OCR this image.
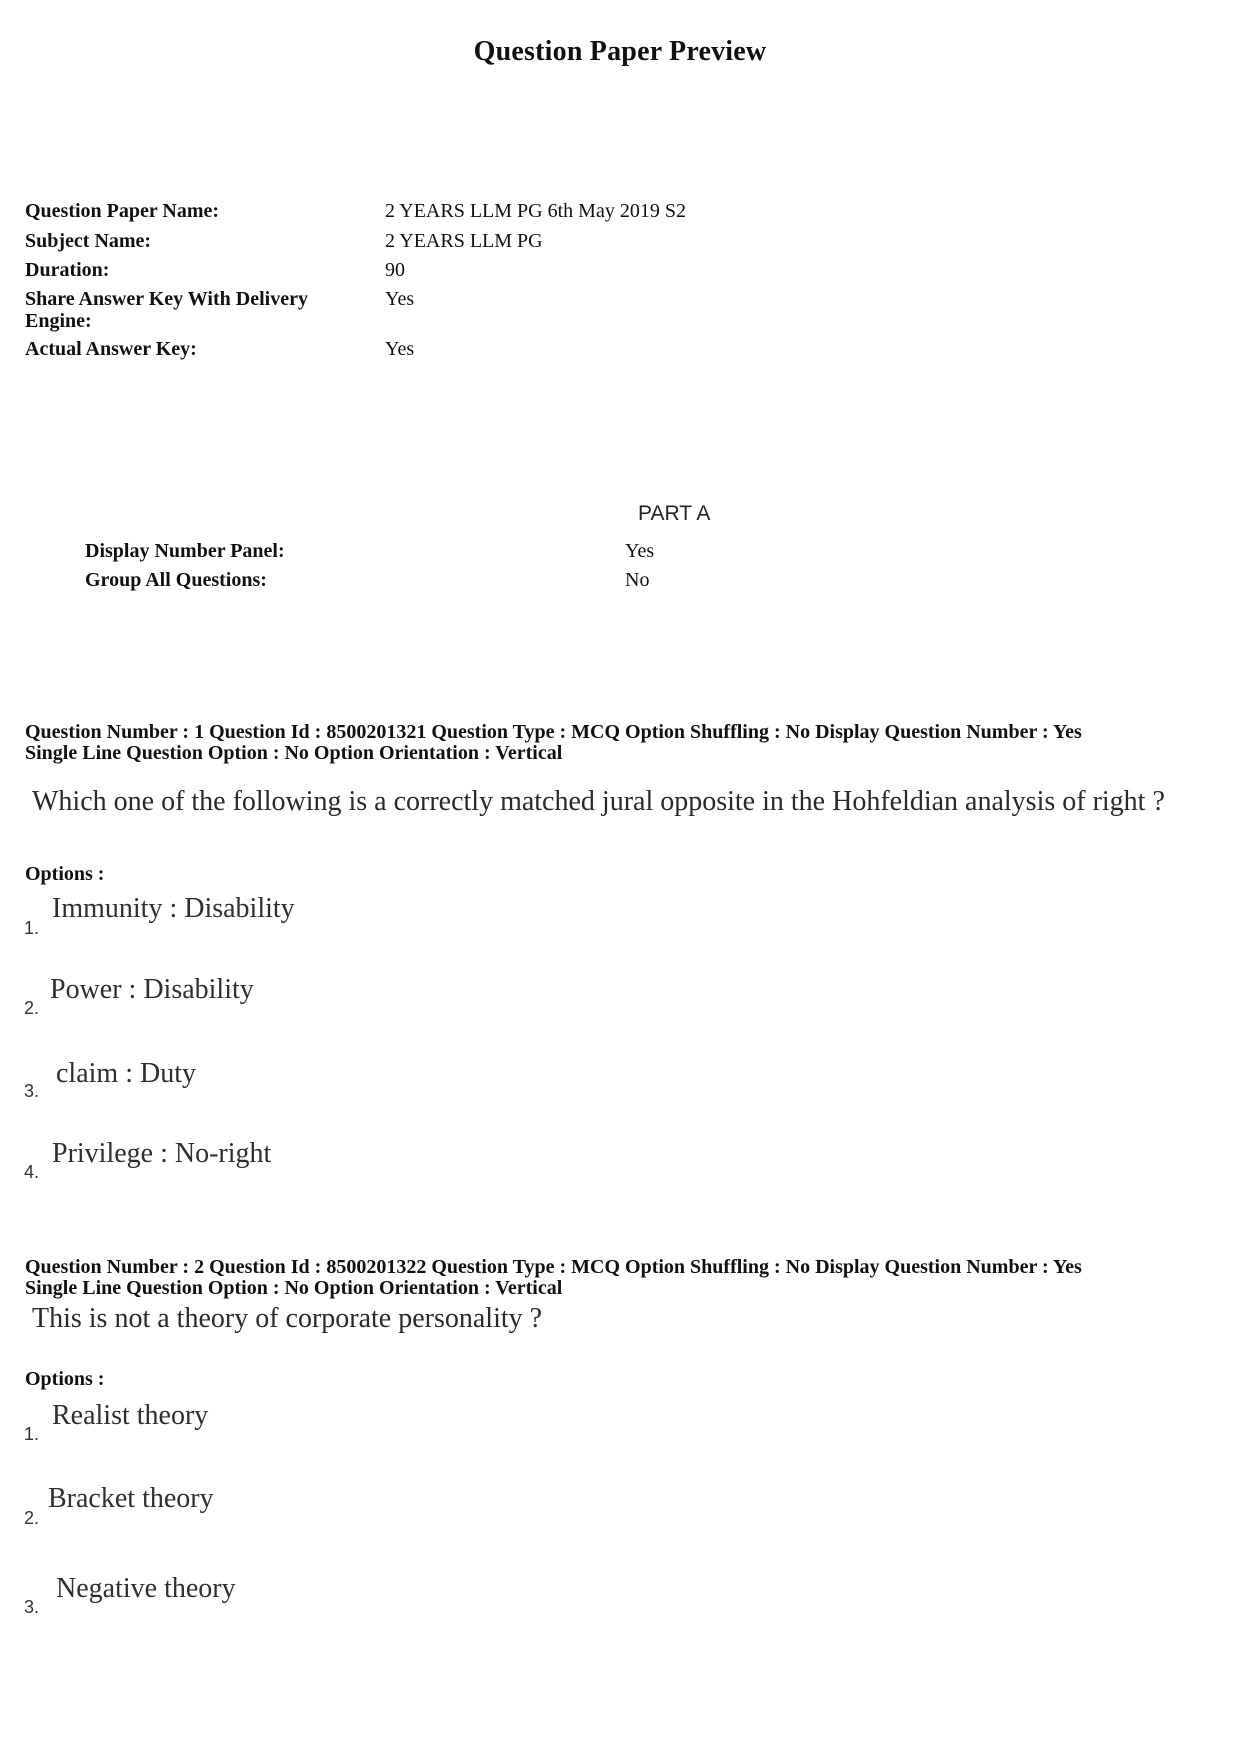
Question Paper Preview
Question Paper Name:	2 YEARS LLM PG 6th May 2019 S2
Subject Name:	2 YEARS LLM PG
Duration:	90
Share Answer Key With Delivery Engine:
Yes
Actual Answer Key:	Yes
PART A
Display Number Panel:	Yes
Group All Questions:	No
Question Number : 1 Question Id : 8500201321 Question Type : MCQ Option Shuffling : No Display Question Number : Yes
Single Line Question Option : No Option Orientation : Vertical
Which one of the following is a correctly matched jural opposite in the Hohfeldian analysis of right ?
Options :
1.
Immunity : Disability
2.
Power : Disability
3.
claim : Duty
4.
Privilege : No-right
Question Number : 2 Question Id : 8500201322 Question Type : MCQ Option Shuffling : No Display Question Number : Yes
Single Line Question Option : No Option Orientation : Vertical
This is not a theory of corporate personality ?
Options :
1.
Realist theory
2.
Bracket theory
3.
Negative theory
